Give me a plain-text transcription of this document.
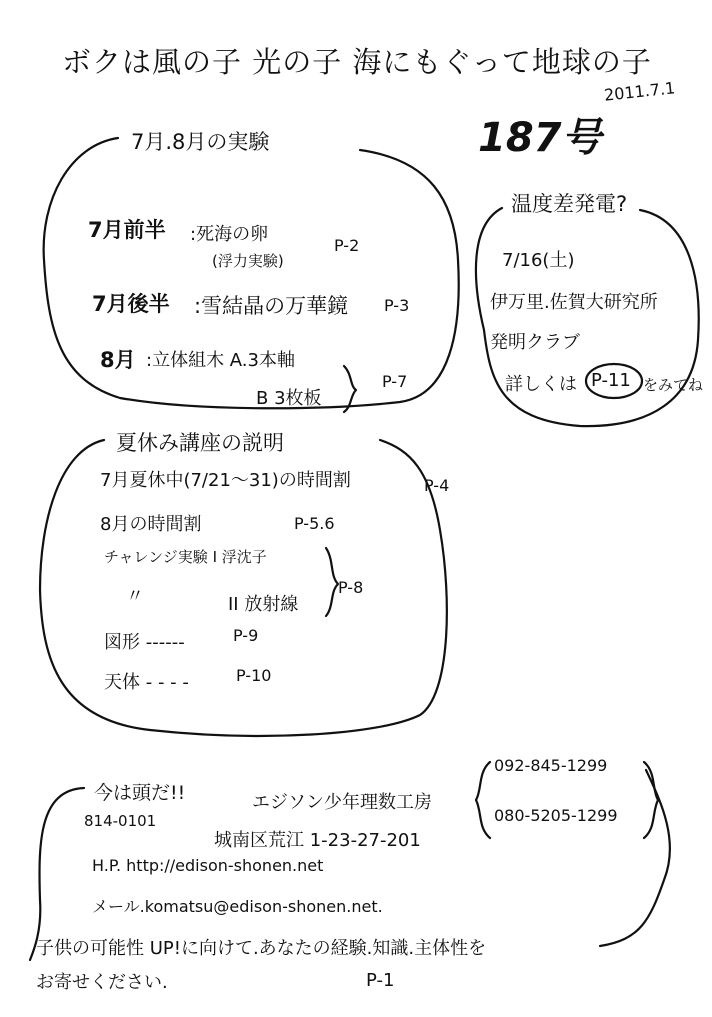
ボクは風の子 光の子 海にもぐって地球の子
2011.7.1
187号
7月.8月の実験
7月前半 :死海の卵
(浮力実験)
P-2
7月後半 :雪結晶の万華鏡 P-3
8月 :立体組木 A.3本軸
B 3枚板
P-7
温度差発電?
7/16(土)
伊万里.佐賀大研究所
発明クラブ
詳しくは P-11 をみてね
夏休み講座の説明
7月夏休中(7/21〜31)の時間割	P-4
8月の時間割	P-5.6
チャレンジ実験 I 浮沈子
〃	II 放射線
P-8
図形 ------	P-9
天体 - - - -	P-10
今は頭だ!!	エジソン少年理数工房
092-845-1299
080-5205-1299
814-0101
城南区荒江 1-23-27-201
H.P. http://edison-shonen.net
メール.komatsu@edison-shonen.net.
子供の可能性 UP!に向けて.あなたの経験.知識.主体性を
お寄せください.	P-1
